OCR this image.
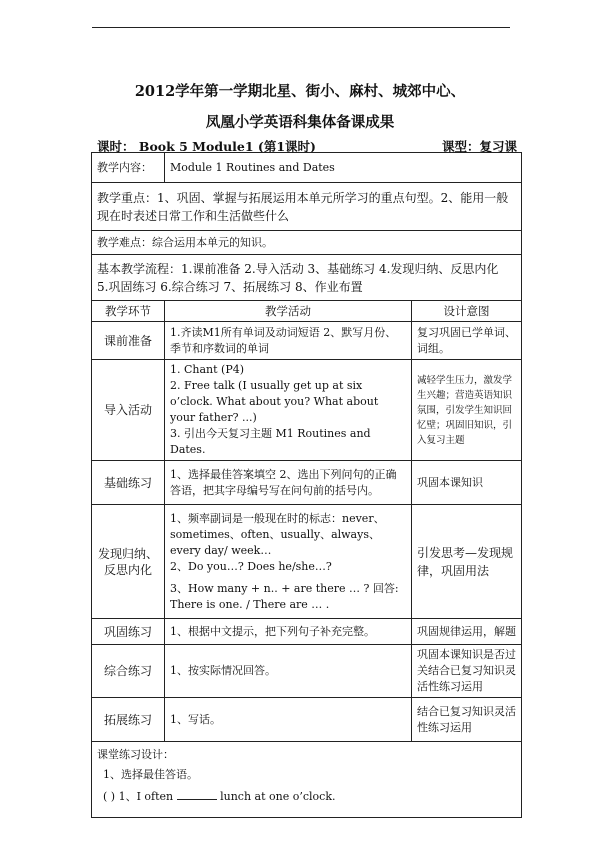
2012学年第一学期北星、街小、麻村、城郊中心、
凤凰小学英语科集体备课成果
课时： Book 5 Module1 (第1课时)	课型：复习课
教学内容：	Module 1 Routines and Dates	
教学重点：1、巩固、掌握与拓展运用本单元所学习的重点句型。2、能用一般现在时表述日常工作和生活做些什么		
教学难点：综合运用本单元的知识。		

基本教学流程：1.课前准备 2.导入活动 3、基础练习 4.发现归纳、反思内化
5.巩固练习 6.综合练习 7、拓展练习 8、作业布置		

教学环节	教学活动	设计意图
课前准备	1.齐读M1所有单词及动词短语 2、默写月份、季节和序数词的单词	复习巩固已学单词、词组。
导入活动	1. Chant (P4)
2. Free talk (I usually get up at six o’clock. What about you? What about your father? ...)
3. 引出今天复习主题 M1 Routines and Dates.	减轻学生压力，激发学生兴趣；营造英语知识氛围，引发学生知识回忆壁；巩固旧知识，引入复习主题
基础练习	1、选择最佳答案填空 2、选出下列问句的正确答语，把其字母编号写在问句前的括号内。	巩固本课知识
发现归纳、反思内化	1、频率副词是一般现在时的标志：never、sometimes、often、usually、always、every day/ week…
2、Do you…? Does he/she…?
3、How many + n.. + are there … ? 回答: There is one. / There are … .	引发思考—发现规律，巩固用法
巩固练习	1、根据中文提示，把下列句子补充完整。	巩固规律运用，解题
综合练习	1、按实际情况回答。	巩固本课知识是否过关结合已复习知识灵活性练习运用
拓展练习	1、写话。	结合已复习知识灵活性练习运用

课堂练习设计：
1、选择最佳答语。
( ) 1、I often lunch at one o’clock.		
